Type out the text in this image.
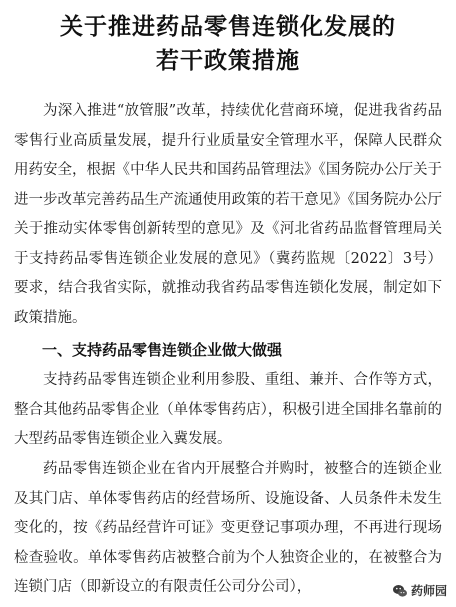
关于推进药品零售连锁化发展的
若干政策措施
为深入推进“放管服”改革，持续优化营商环境，促进我省药品零售行业高质量发展，提升行业质量安全管理水平，保障人民群众用药安全，根据《中华人民共和国药品管理法》《国务院办公厅关于进一步改革完善药品生产流通使用政策的若干意见》《国务院办公厅关于推动实体零售创新转型的意见》及《河北省药品监督管理局关于支持药品零售连锁企业发展的意见》（冀药监规〔2022〕3号）要求，结合我省实际，就推动我省药品零售连锁化发展，制定如下政策措施。
一、支持药品零售连锁企业做大做强
支持药品零售连锁企业利用参股、重组、兼并、合作等方式，整合其他药品零售企业（单体零售药店），积极引进全国排名靠前的大型药品零售连锁企业入冀发展。
药品零售连锁企业在省内开展整合并购时，被整合的连锁企业及其门店、单体零售药店的经营场所、设施设备、人员条件未发生变化的，按《药品经营许可证》变更登记事项办理，不再进行现场检查验收。单体零售药店被整合前为个人独资企业的，在被整合为连锁门店（即新设立的有限责任公司分公司），	药师园
